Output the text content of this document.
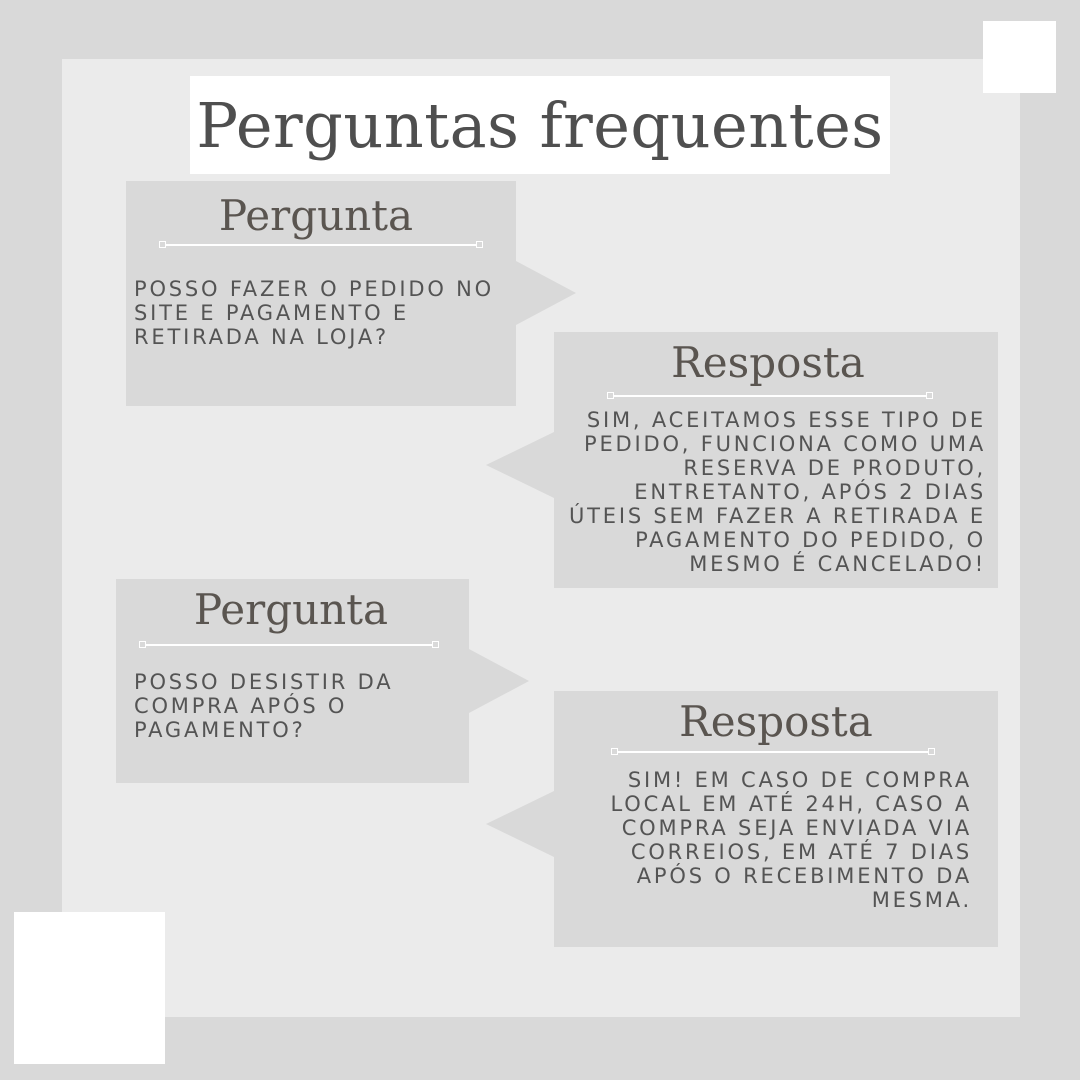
Perguntas frequentes
Pergunta
POSSO FAZER O PEDIDO NO SITE E PAGAMENTO E RETIRADA NA LOJA?
Resposta
SIM, ACEITAMOS ESSE TIPO DE PEDIDO, FUNCIONA COMO UMA RESERVA DE PRODUTO, ENTRETANTO, APÓS 2 DIAS ÚTEIS SEM FAZER A RETIRADA E PAGAMENTO DO PEDIDO, O MESMO É CANCELADO!
Pergunta
POSSO DESISTIR DA COMPRA APÓS O PAGAMENTO?	Resposta
SIM! EM CASO DE COMPRA LOCAL EM ATÉ 24H, CASO A COMPRA SEJA ENVIADA VIA CORREIOS, EM ATÉ 7 DIAS APÓS O RECEBIMENTO DA MESMA.
